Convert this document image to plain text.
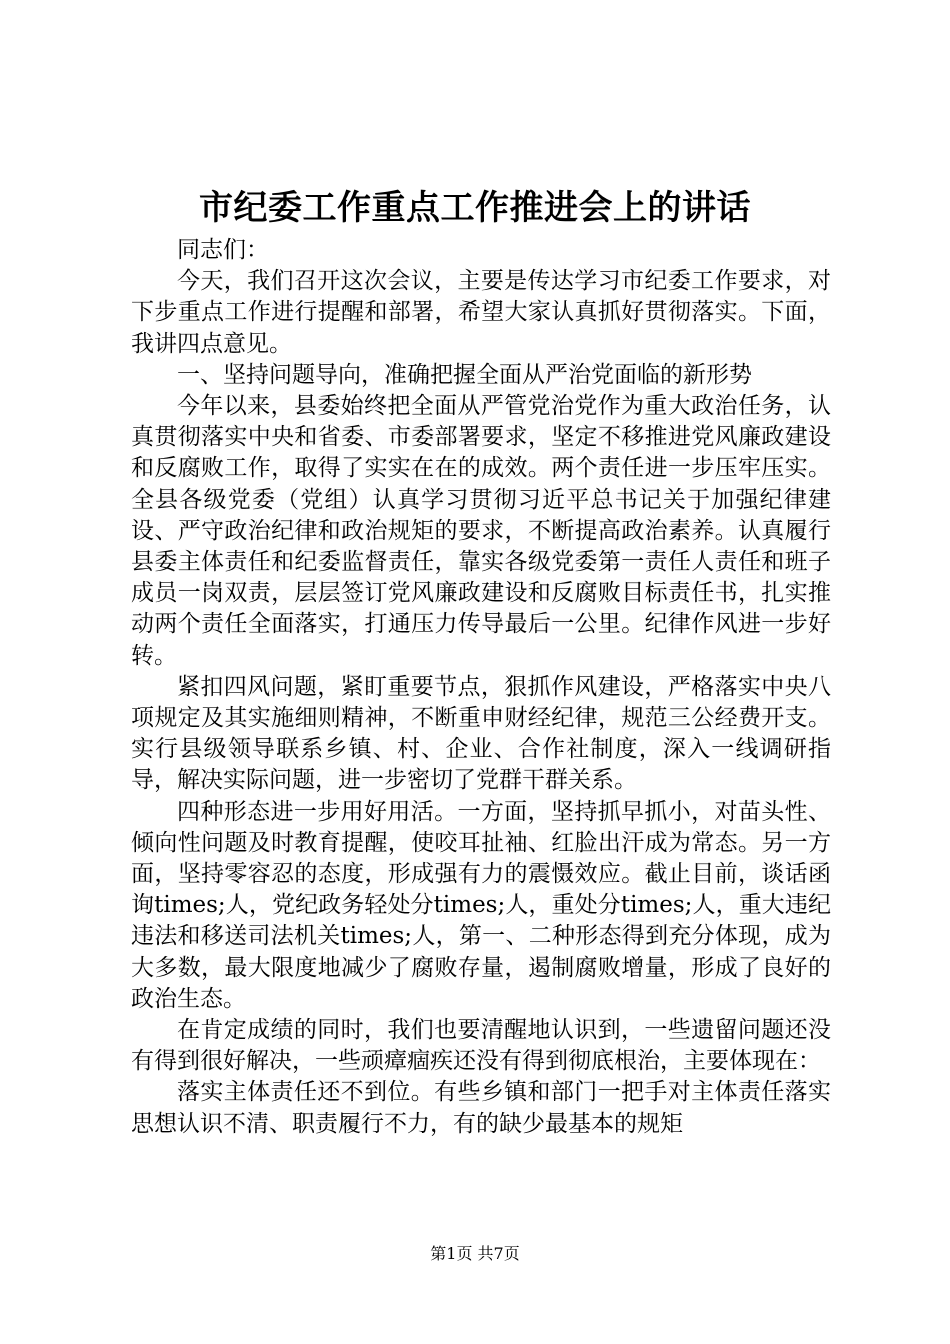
市纪委工作重点工作推进会上的讲话

同志们：

今天，我们召开这次会议，主要是传达学习市纪委工作要求，对下步重点工作进行提醒和部署，希望大家认真抓好贯彻落实。下面，我讲四点意见。

一、坚持问题导向，准确把握全面从严治党面临的新形势

今年以来，县委始终把全面从严管党治党作为重大政治任务，认真贯彻落实中央和省委、市委部署要求，坚定不移推进党风廉政建设和反腐败工作，取得了实实在在的成效。两个责任进一步压牢压实。全县各级党委（党组）认真学习贯彻习近平总书记关于加强纪律建设、严守政治纪律和政治规矩的要求，不断提高政治素养。认真履行县委主体责任和纪委监督责任，靠实各级党委第一责任人责任和班子成员一岗双责，层层签订党风廉政建设和反腐败目标责任书，扎实推动两个责任全面落实，打通压力传导最后一公里。纪律作风进一步好转。

紧扣四风问题，紧盯重要节点，狠抓作风建设，严格落实中央八项规定及其实施细则精神，不断重申财经纪律，规范三公经费开支。实行县级领导联系乡镇、村、企业、合作社制度，深入一线调研指导，解决实际问题，进一步密切了党群干群关系。

四种形态进一步用好用活。一方面，坚持抓早抓小，对苗头性、倾向性问题及时教育提醒，使咬耳扯袖、红脸出汗成为常态。另一方面，坚持零容忍的态度，形成强有力的震慑效应。截止目前，谈话函询times;人，党纪政务轻处分times;人，重处分times;人，重大违纪违法和移送司法机关times;人，第一、二种形态得到充分体现，成为大多数，最大限度地减少了腐败存量，遏制腐败增量，形成了良好的政治生态。

在肯定成绩的同时，我们也要清醒地认识到，一些遗留问题还没有得到很好解决，一些顽瘴痼疾还没有得到彻底根治，主要体现在：

落实主体责任还不到位。有些乡镇和部门一把手对主体责任落实思想认识不清、职责履行不力，有的缺少最基本的规矩

第1页 共7页
